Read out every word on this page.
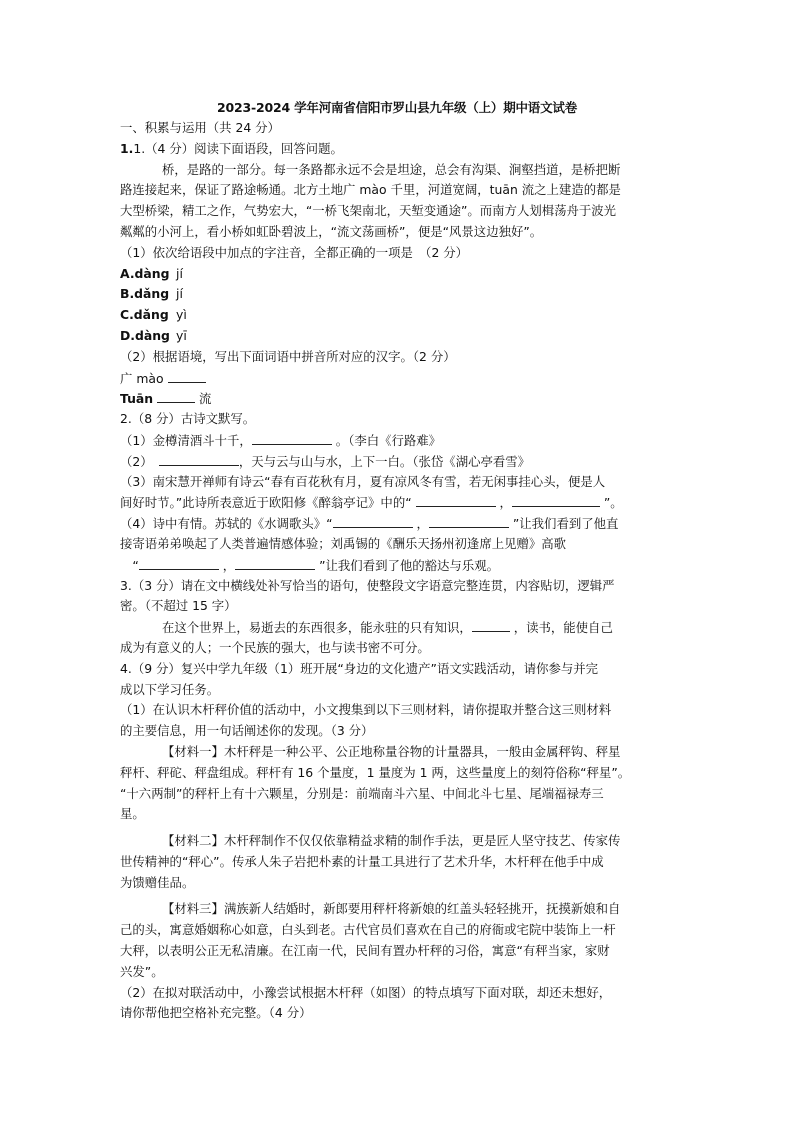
2023-2024 学年河南省信阳市罗山县九年级（上）期中语文试卷
一、积累与运用（共 24 分）
1.1.（4 分）阅读下面语段，回答问题。
桥，是路的一部分。每一条路都永远不会是坦途，总会有沟渠、涧壑挡道，是桥把断
路连接起来，保证了路途畅通。北方土地广 mào 千里，河道宽阔，tuān 流之上建造的都是
大型桥梁，精工之作，气势宏大，“一桥飞架南北，天堑变通途”。而南方人划楫荡舟于波光
粼粼的小河上，看小桥如虹卧碧波上，“流文荡画桥”，便是“风景这边独好”。
（1）依次给语段中加点的字注音，全都正确的一项是　（2 分）
A.dàng jí
B.dǎng jí
C.dǎng yì
D.dàng yī
（2）根据语境，写出下面词语中拼音所对应的汉字。（2 分）
广 mào
Tuān	流
2.（8 分）古诗文默写。
（1）金樽清酒斗十千，	。（李白《行路难》
（2）　	，天与云与山与水，上下一白。（张岱《湖心亭看雪》
（3）南宋慧开禅师有诗云“春有百花秋有月，夏有凉风冬有雪，若无闲事挂心头，便是人
间好时节。”此诗所表意近于欧阳修《醉翁亭记》中的“	，	”。
（4）诗中有情。苏轼的《水调歌头》“	，	”让我们看到了他直
接寄语弟弟唤起了人类普遍情感体验；刘禹锡的《酬乐天扬州初逢席上见赠》高歌
　“	，	”让我们看到了他的豁达与乐观。
3.（3 分）请在文中横线处补写恰当的语句，使整段文字语意完整连贯，内容贴切，逻辑严
密。（不超过 15 字）
在这个世界上，易逝去的东西很多，能永驻的只有知识，	，读书，能使自己
成为有意义的人；一个民族的强大，也与读书密不可分。
4.（9 分）复兴中学九年级（1）班开展“身边的文化遗产”语文实践活动，请你参与并完
成以下学习任务。
（1）在认识木杆秤价值的活动中，小文搜集到以下三则材料，请你提取并整合这三则材料
的主要信息，用一句话阐述你的发现。（3 分）
【材料一】木杆秤是一种公平、公正地称量谷物的计量器具，一般由金属秤钩、秤星
秤杆、秤砣、秤盘组成。秤杆有 16 个量度，1 量度为 1 两，这些量度上的刻符俗称“秤星”。
“十六两制”的秤杆上有十六颗星，分别是：前端南斗六星、中间北斗七星、尾端福禄寿三
星。
【材料二】木杆秤制作不仅仅依靠精益求精的制作手法，更是匠人坚守技艺、传家传
世传精神的“秤心”。传承人朱子岩把朴素的计量工具进行了艺术升华，木杆秤在他手中成
为馈赠佳品。
【材料三】满族新人结婚时，新郎要用秤杆将新娘的红盖头轻轻挑开，抚摸新娘和自
己的头，寓意婚姻称心如意，白头到老。古代官员们喜欢在自己的府衙或宅院中装饰上一杆
大秤，以表明公正无私清廉。在江南一代，民间有置办杆秤的习俗，寓意“有秤当家，家财
兴发”。
（2）在拟对联活动中，小豫尝试根据木杆秤（如图）的特点填写下面对联，却还未想好，
请你帮他把空格补充完整。（4 分）
